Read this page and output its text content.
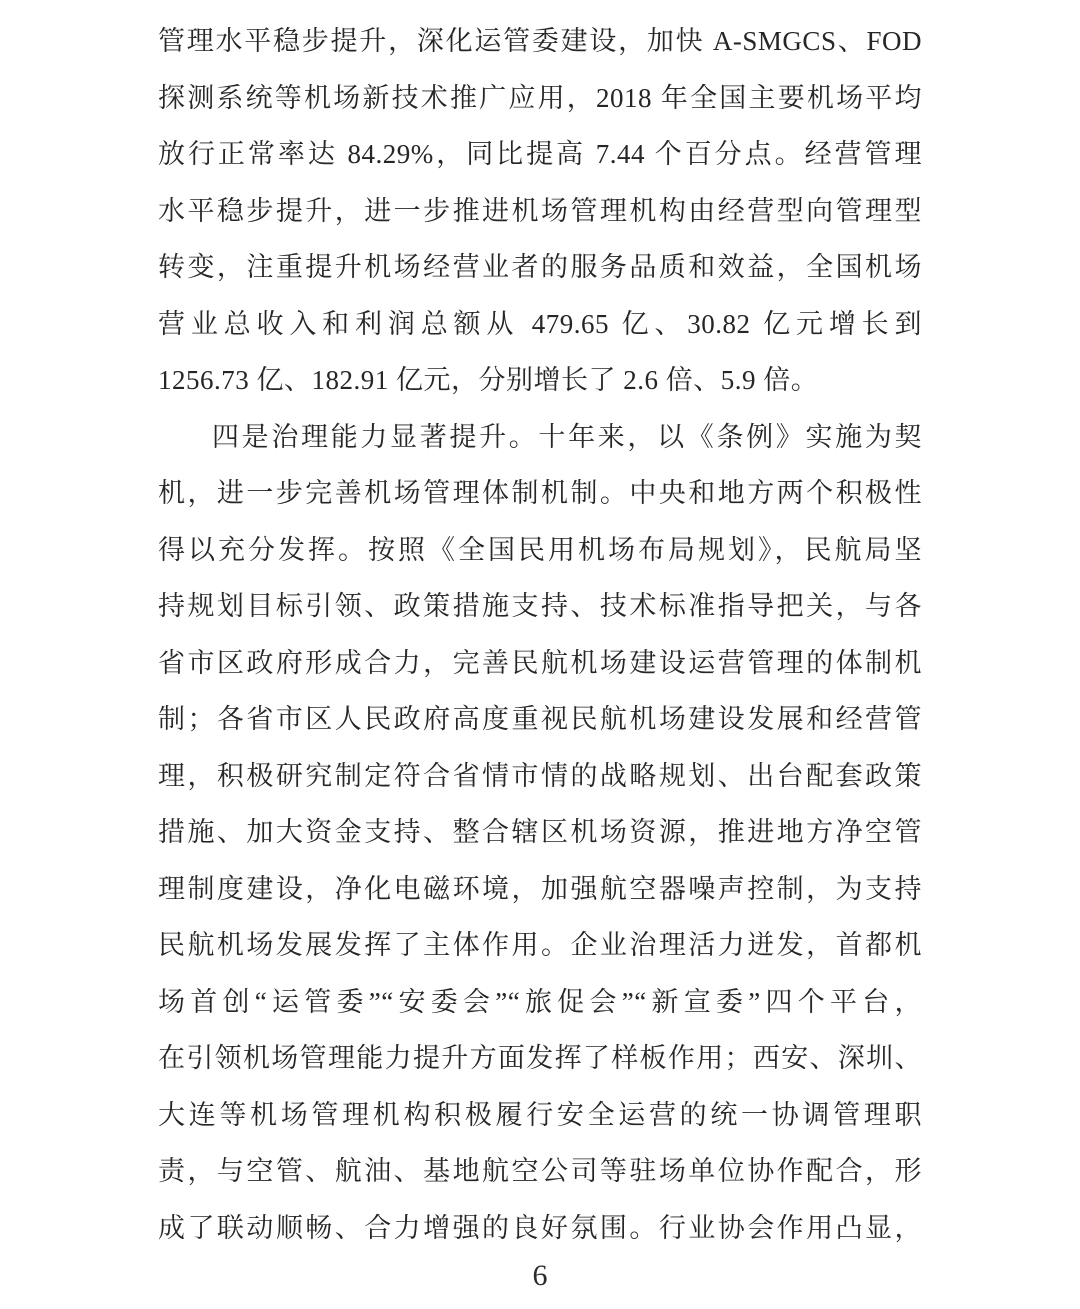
管理水平稳步提升，深化运管委建设，加快 A-SMGCS、FOD
探测系统等机场新技术推广应用，2018 年全国主要机场平均
放行正常率达 84.29%，同比提高 7.44 个百分点。经营管理
水平稳步提升，进一步推进机场管理机构由经营型向管理型
转变，注重提升机场经营业者的服务品质和效益，全国机场
营业总收入和利润总额从 479.65 亿、30.82 亿元增长到
1256.73 亿、182.91 亿元，分别增长了 2.6 倍、5.9 倍。
四是治理能力显著提升。十年来，以《条例》实施为契
机，进一步完善机场管理体制机制。中央和地方两个积极性
得以充分发挥。按照《全国民用机场布局规划》，民航局坚
持规划目标引领、政策措施支持、技术标准指导把关，与各
省市区政府形成合力，完善民航机场建设运营管理的体制机
制；各省市区人民政府高度重视民航机场建设发展和经营管
理，积极研究制定符合省情市情的战略规划、出台配套政策
措施、加大资金支持、整合辖区机场资源，推进地方净空管
理制度建设，净化电磁环境，加强航空器噪声控制，为支持
民航机场发展发挥了主体作用。企业治理活力迸发，首都机
场首创“运管委”“安委会”“旅促会”“新宣委”四个平台，
在引领机场管理能力提升方面发挥了样板作用；西安、深圳、
大连等机场管理机构积极履行安全运营的统一协调管理职
责，与空管、航油、基地航空公司等驻场单位协作配合，形
成了联动顺畅、合力增强的良好氛围。行业协会作用凸显，
6
